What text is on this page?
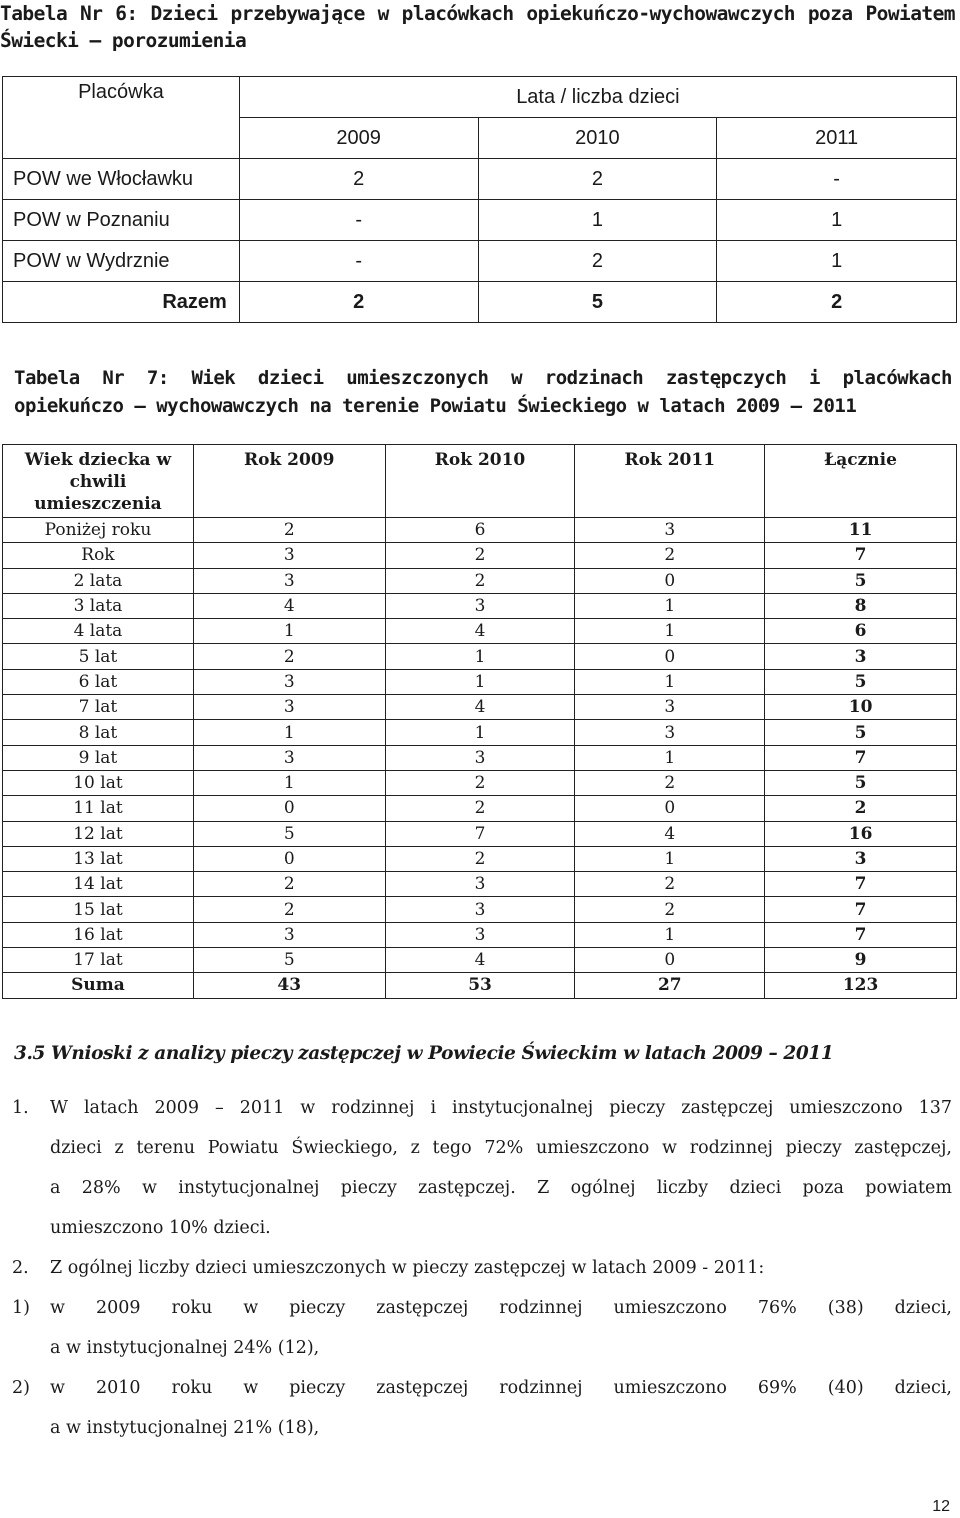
Tabela Nr 6: Dzieci przebywające w placówkach opiekuńczo-wychowawczych poza Powiatem Świecki – porozumienia
Placówka	Lata / liczba dzieci		
	2009	2010	2011
POW we Włocławku	2	2	-
POW w Poznaniu	-	1	1
POW w Wydrznie	-	2	1
Razem	2	5	2
Tabela Nr 7: Wiek dzieci umieszczonych w rodzinach zastępczych i placówkach opiekuńczo – wychowawczych na terenie Powiatu Świeckiego w latach 2009 – 2011
Wiek dziecka w chwili umieszczenia	Rok 2009	Rok 2010	Rok 2011	Łącznie
Poniżej roku	2	6	3	11
Rok	3	2	2	7
2 lata	3	2	0	5
3 lata	4	3	1	8
4 lata	1	4	1	6
5 lat	2	1	0	3
6 lat	3	1	1	5
7 lat	3	4	3	10
8 lat	1	1	3	5
9 lat	3	3	1	7
10 lat	1	2	2	5
11 lat	0	2	0	2
12 lat	5	7	4	16
13 lat	0	2	1	3
14 lat	2	3	2	7
15 lat	2	3	2	7
16 lat	3	3	1	7
17 lat	5	4	0	9
Suma	43	53	27	123
3.5 Wnioski z analizy pieczy zastępczej w Powiecie Świeckim w latach 2009 – 2011
1. W latach 2009 – 2011 w rodzinnej i instytucjonalnej pieczy zastępczej umieszczono 137
dzieci z terenu Powiatu Świeckiego, z tego 72% umieszczono w rodzinnej pieczy zastępczej,
a 28% w instytucjonalnej pieczy zastępczej. Z ogólnej liczby dzieci poza powiatem
umieszczono 10% dzieci.
2. Z ogólnej liczby dzieci umieszczonych w pieczy zastępczej w latach 2009 - 2011:
1) w 2009 roku w pieczy zastępczej rodzinnej umieszczono 76% (38) dzieci,
a w instytucjonalnej 24% (12),
2) w 2010 roku w pieczy zastępczej rodzinnej umieszczono 69% (40) dzieci,
a w instytucjonalnej 21% (18),
12
